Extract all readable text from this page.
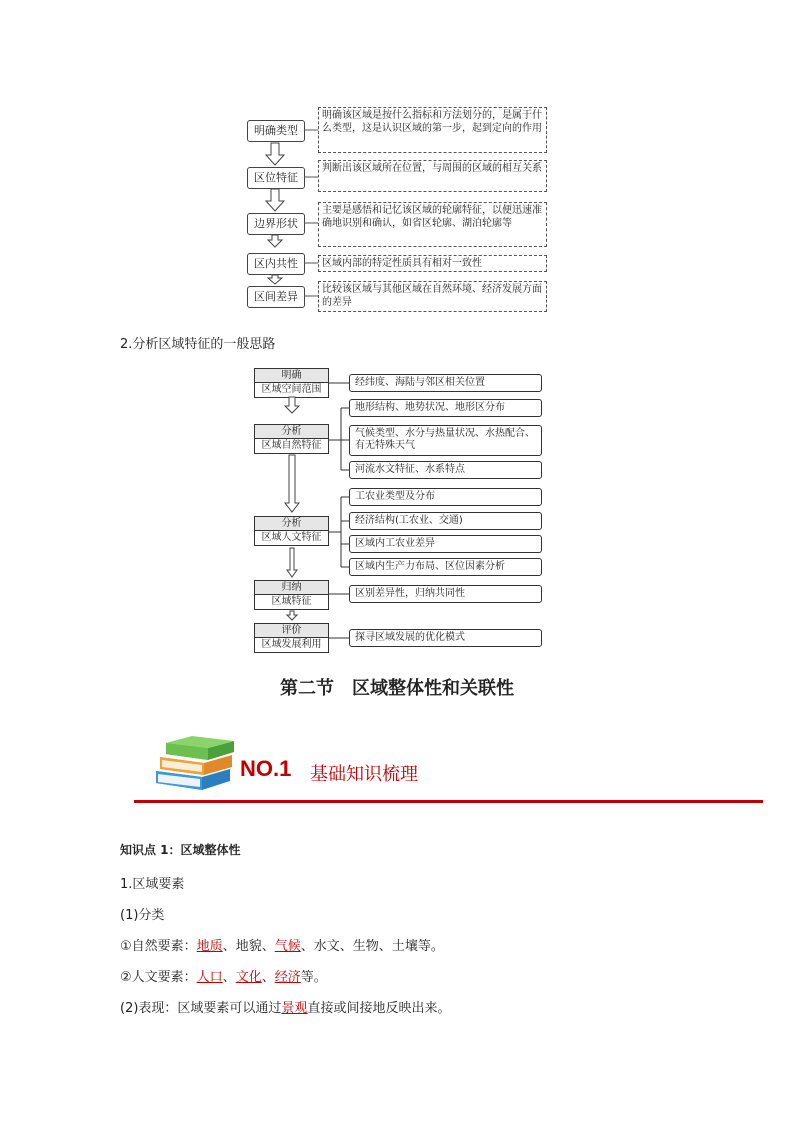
明确类型
明确该区域是按什么指标和方法划分的，是属于什么类型，这是认识区域的第一步，起到定向的作用
区位特征
判断出该区域所在位置，与周围的区域的相互关系
边界形状
主要是感悟和记忆该区域的轮廓特征，以便迅速准确地识别和确认，如省区轮廓、湖泊轮廓等
区内共性	区域内部的特定性质具有相对一致性
区间差异
比较该区域与其他区域在自然环境、经济发展方面的差异
2.分析区域特征的一般思路
明确
区域空间范围
分析
区域自然特征
分析
区域人文特征
归纳
区域特征
评价
区域发展利用
经纬度、海陆与邻区相关位置
地形结构、地势状况、地形区分布
气候类型、水分与热量状况、水热配合、有无特殊天气
河流水文特征、水系特点
工农业类型及分布
经济结构(工农业、交通)
区域内工农业差异
区域内生产力布局、区位因素分析
区别差异性，归纳共同性
探寻区域发展的优化模式
第二节　区域整体性和关联性
NO.1 基础知识梳理
知识点 1：区域整体性
1.区域要素
(1)分类
①自然要素：地质、地貌、气候、水文、生物、土壤等。
②人文要素：人口、文化、经济等。
(2)表现：区域要素可以通过景观直接或间接地反映出来。
